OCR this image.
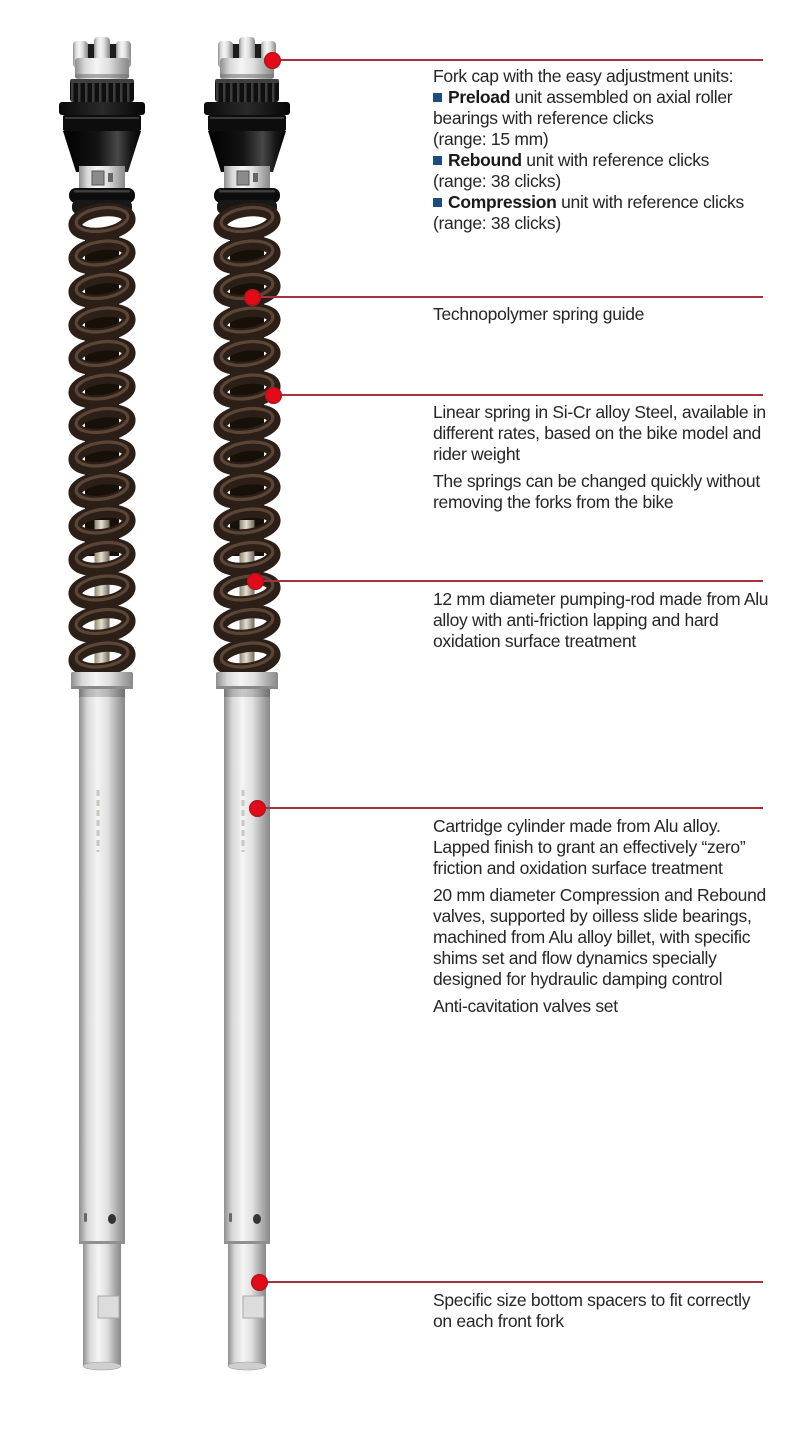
Fork cap with the easy adjustment units:
Preload unit assembled on axial roller bearings with reference clicks
(range: 15 mm)
Rebound unit with reference clicks
(range: 38 clicks)
Compression unit with reference clicks
(range: 38 clicks)
Technopolymer spring guide
Linear spring in Si-Cr alloy Steel, available in different rates, based on the bike model and rider weight
The springs can be changed quickly without removing the forks from the bike
12 mm diameter pumping-rod made from Alu alloy with anti-friction lapping and hard oxidation surface treatment
Cartridge cylinder made from Alu alloy. Lapped finish to grant an effectively “zero” friction and oxidation surface treatment
20 mm diameter Compression and Rebound valves, supported by oilless slide bearings, machined from Alu alloy billet, with specific shims set and flow dynamics specially designed for hydraulic damping control
Anti-cavitation valves set
Specific size bottom spacers to fit correctly on each front fork
